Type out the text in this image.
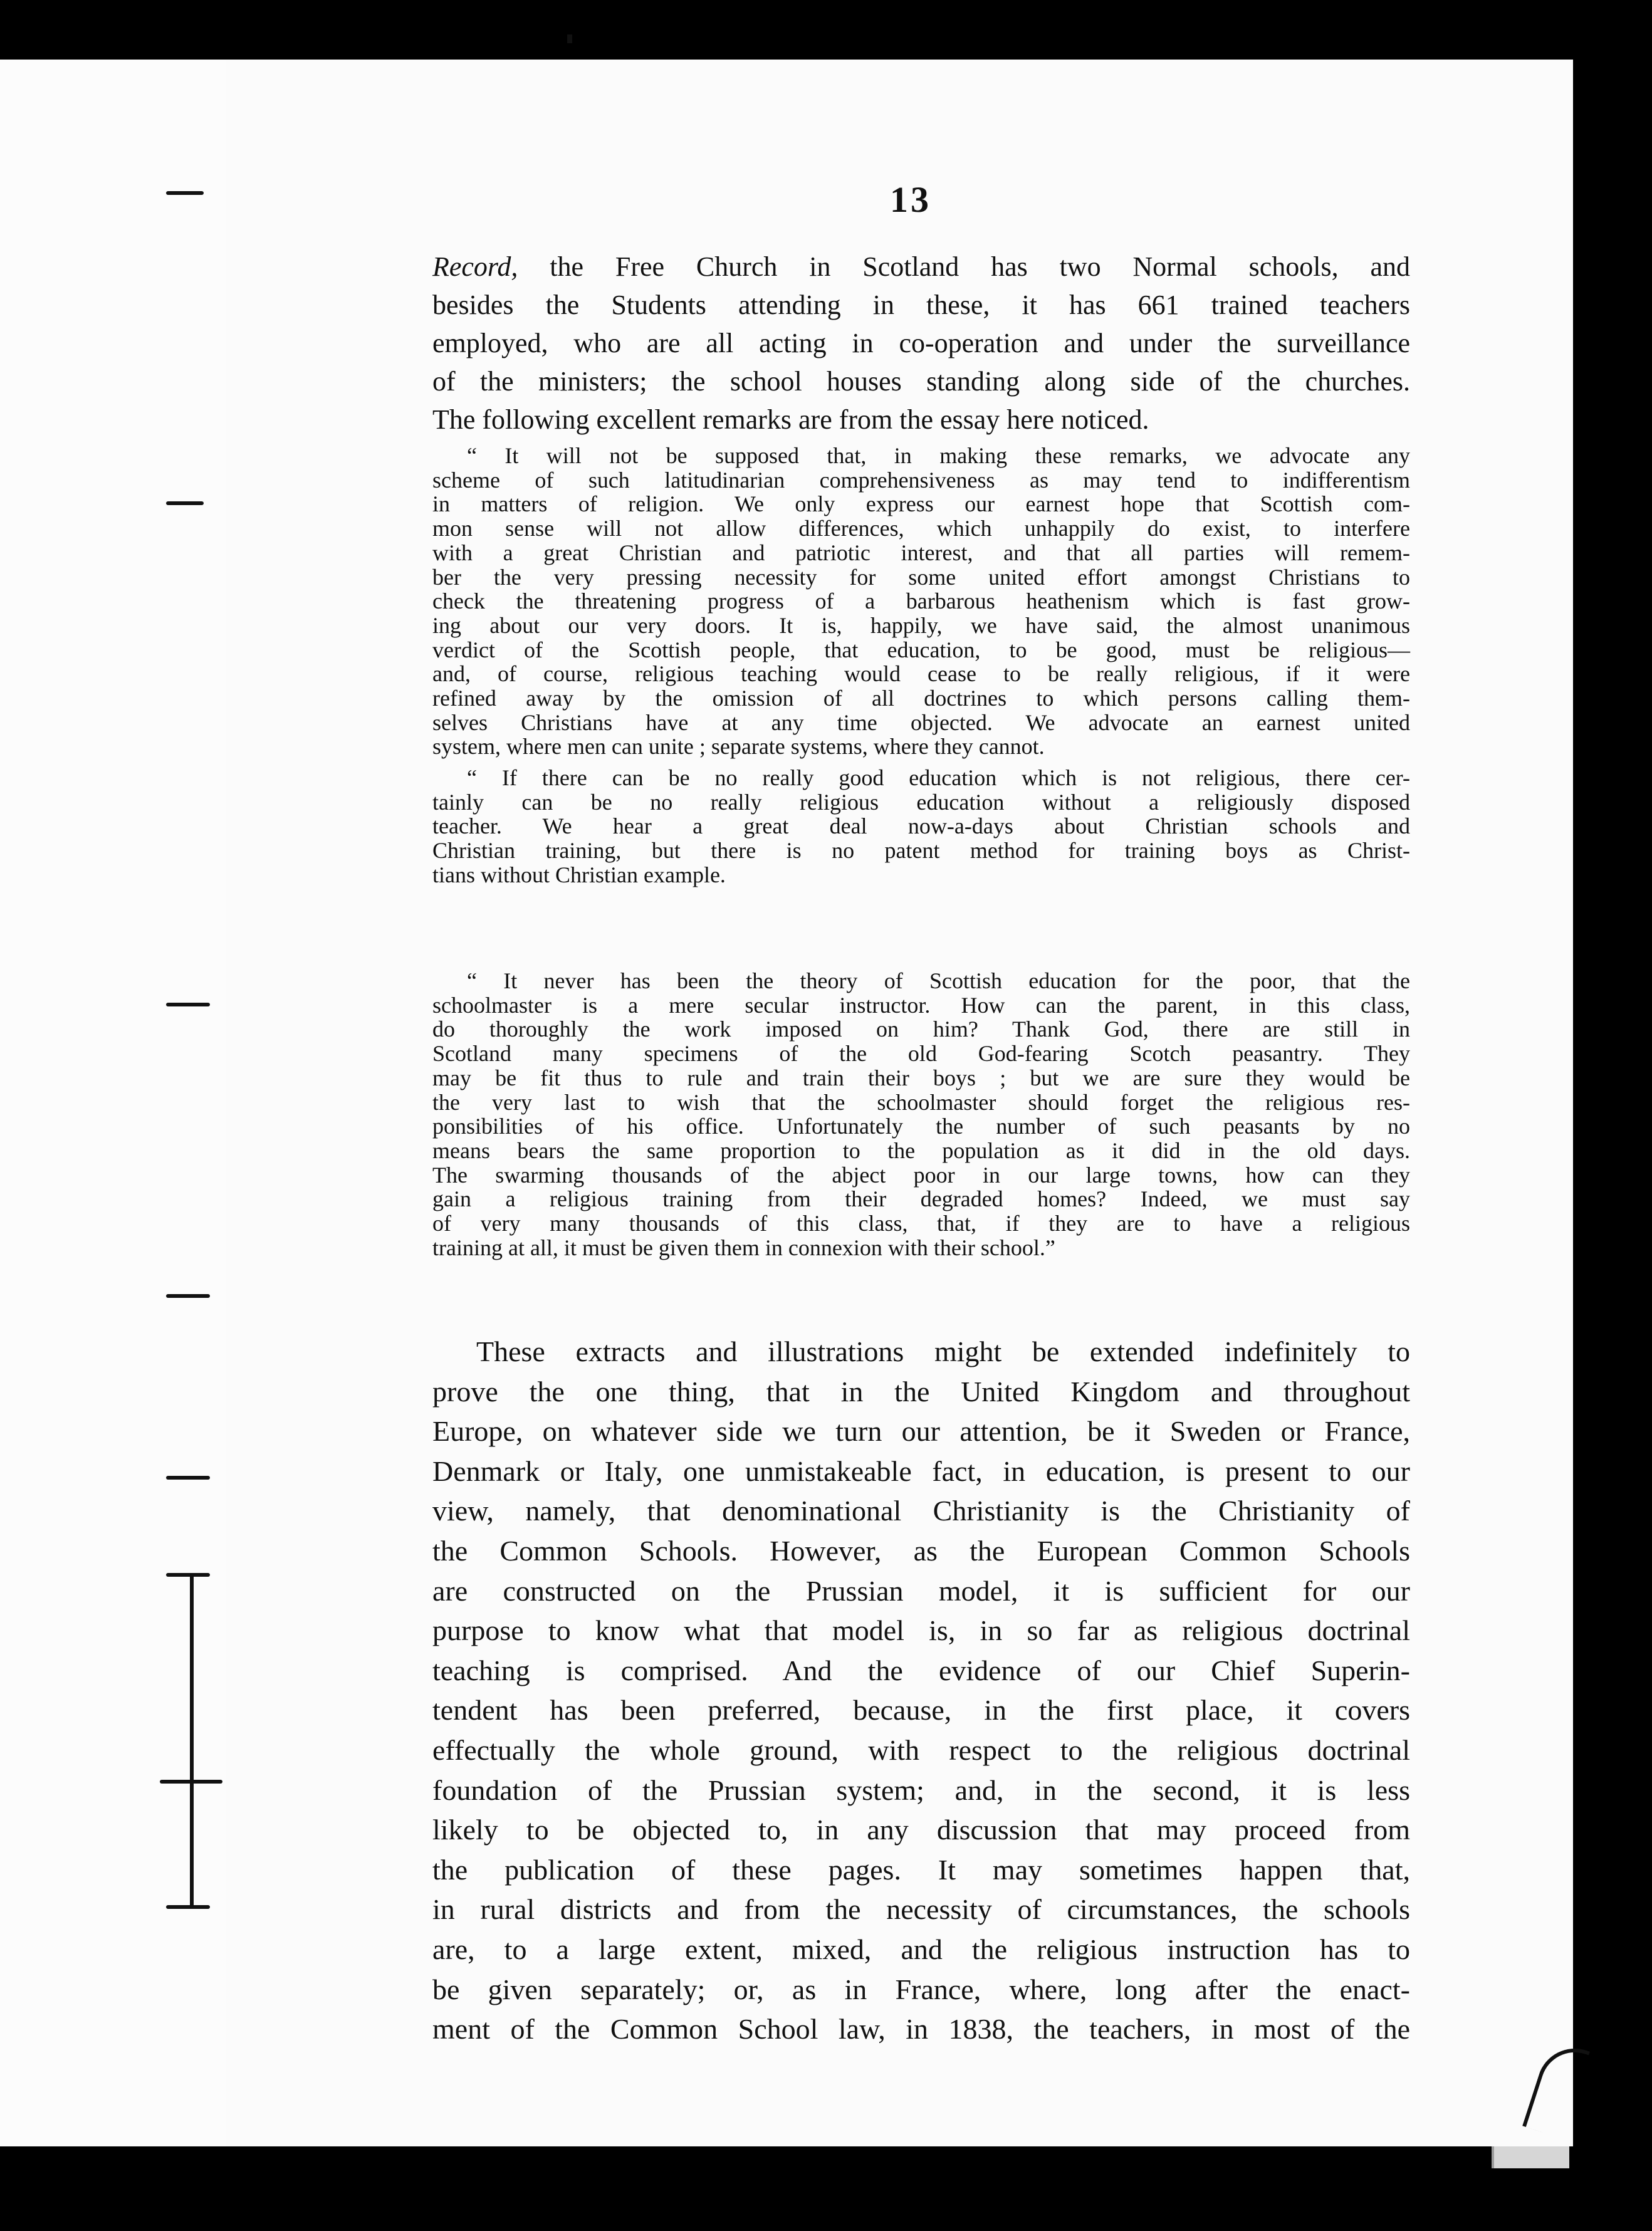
13
Record, the Free Church in Scotland has two Normal schools, and
besides the Students attending in these, it has 661 trained teachers
employed, who are all acting in co-operation and under the surveillance
of the ministers; the school houses standing along side of the churches.
The following excellent remarks are from the essay here noticed.
“ It will not be supposed that, in making these remarks, we advocate any
scheme of such latitudinarian comprehensiveness as may tend to indifferentism
in matters of religion. We only express our earnest hope that Scottish com-
mon sense will not allow differences, which unhappily do exist, to interfere
with a great Christian and patriotic interest, and that all parties will remem-
ber the very pressing necessity for some united effort amongst Christians to
check the threatening progress of a barbarous heathenism which is fast grow-
ing about our very doors. It is, happily, we have said, the almost unanimous
verdict of the Scottish people, that education, to be good, must be religious—
and, of course, religious teaching would cease to be really religious, if it were
refined away by the omission of all doctrines to which persons calling them-
selves Christians have at any time objected. We advocate an earnest united
system, where men can unite ; separate systems, where they cannot.
“ If there can be no really good education which is not religious, there cer-
tainly can be no really religious education without a religiously disposed
teacher. We hear a great deal now-a-days about Christian schools and
Christian training, but there is no patent method for training boys as Christ-
tians without Christian example.
“ It never has been the theory of Scottish education for the poor, that the
schoolmaster is a mere secular instructor. How can the parent, in this class,
do thoroughly the work imposed on him? Thank God, there are still in
Scotland many specimens of the old God-fearing Scotch peasantry. They
may be fit thus to rule and train their boys ; but we are sure they would be
the very last to wish that the schoolmaster should forget the religious res-
ponsibilities of his office. Unfortunately the number of such peasants by no
means bears the same proportion to the population as it did in the old days.
The swarming thousands of the abject poor in our large towns, how can they
gain a religious training from their degraded homes? Indeed, we must say
of very many thousands of this class, that, if they are to have a religious
training at all, it must be given them in connexion with their school.”
These extracts and illustrations might be extended indefinitely to
prove the one thing, that in the United Kingdom and throughout
Europe, on whatever side we turn our attention, be it Sweden or France,
Denmark or Italy, one unmistakeable fact, in education, is present to our
view, namely, that denominational Christianity is the Christianity of
the Common Schools. However, as the European Common Schools
are constructed on the Prussian model, it is sufficient for our
purpose to know what that model is, in so far as religious doctrinal
teaching is comprised. And the evidence of our Chief Superin-
tendent has been preferred, because, in the first place, it covers
effectually the whole ground, with respect to the religious doctrinal
foundation of the Prussian system; and, in the second, it is less
likely to be objected to, in any discussion that may proceed from
the publication of these pages. It may sometimes happen that,
in rural districts and from the necessity of circumstances, the schools
are, to a large extent, mixed, and the religious instruction has to
be given separately; or, as in France, where, long after the enact-
ment of the Common School law, in 1838, the teachers, in most of the
